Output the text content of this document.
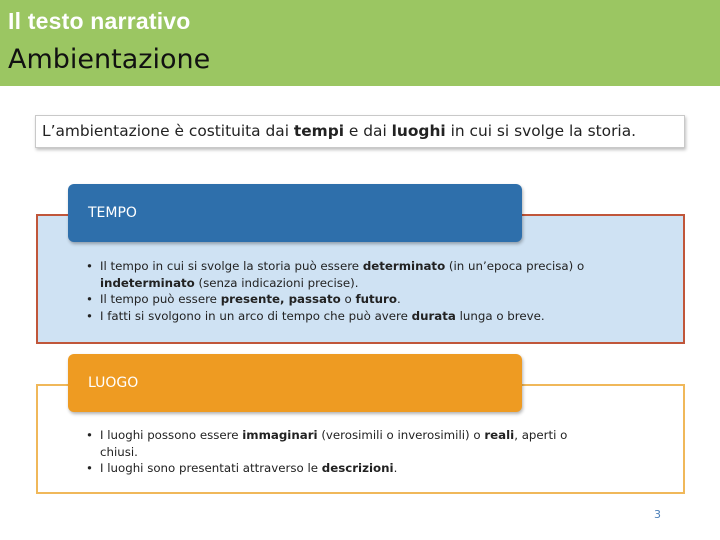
Il testo narrativo
Ambientazione
L’ambientazione è costituita dai tempi e dai luoghi in cui si svolge la storia.
TEMPO
• Il tempo in cui si svolge la storia può essere determinato (in un’epoca precisa) o indeterminato (senza indicazioni precise).
• Il tempo può essere presente, passato o futuro.
• I fatti si svolgono in un arco di tempo che può avere durata lunga o breve.
LUOGO
• I luoghi possono essere immaginari (verosimili o inverosimili) o reali, aperti o chiusi.
• I luoghi sono presentati attraverso le descrizioni.
3
